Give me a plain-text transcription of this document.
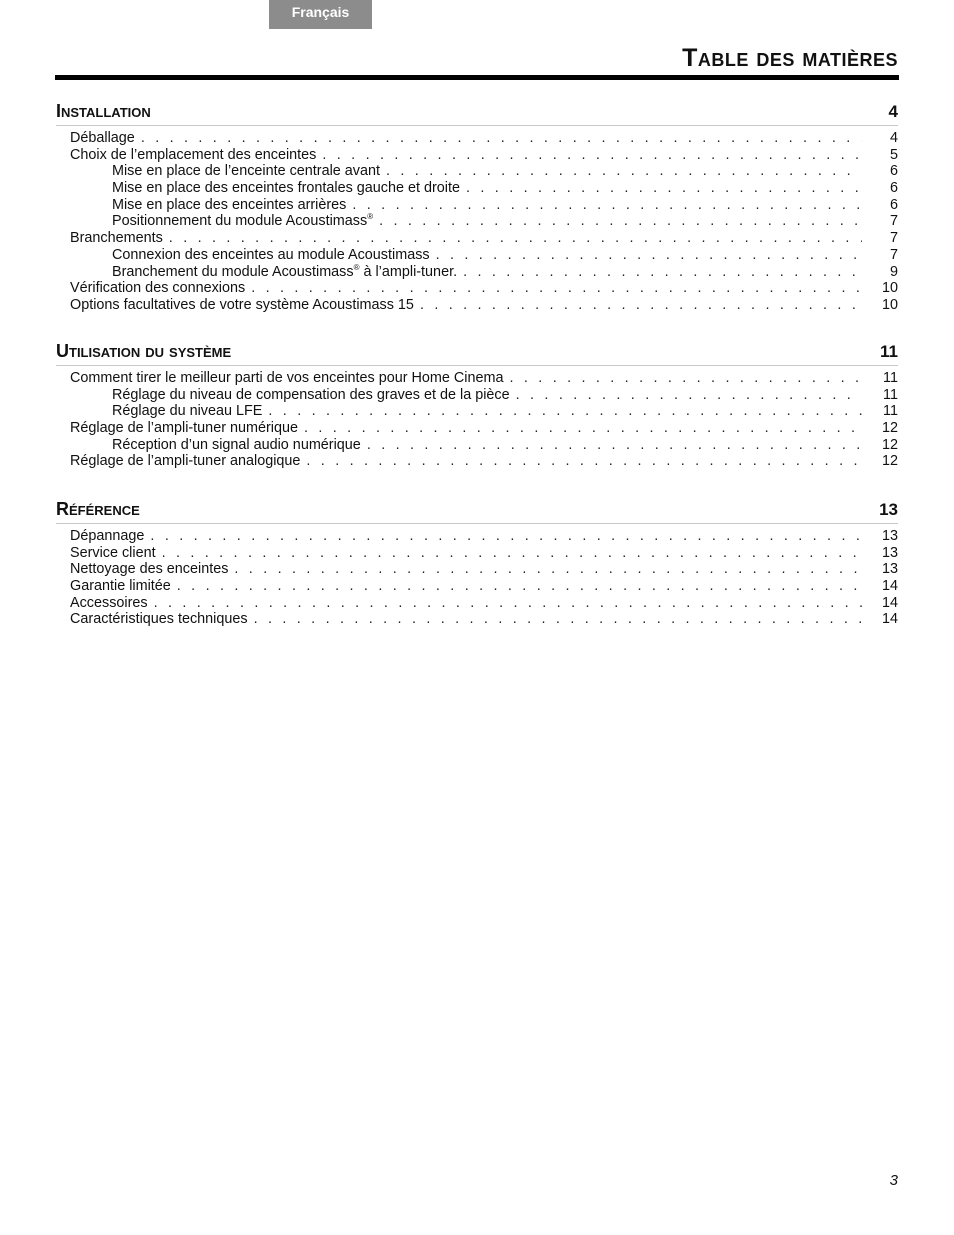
Français
Table des matières
Installation	4
Déballage . . .	4
Choix de l’emplacement des enceintes . . .	5
Mise en place de l’enceinte centrale avant . . .	6
Mise en place des enceintes frontales gauche et droite . . .	6
Mise en place des enceintes arrières . . .	6
Positionnement du module Acoustimass® . . .	7
Branchements . . .	7
Connexion des enceintes au module Acoustimass . . .	7
Branchement du module Acoustimass® à l’ampli-tuner. . . .	9
Vérification des connexions . . .	10
Options facultatives de votre système Acoustimass 15 . . .	10
Utilisation du système	11
Comment tirer le meilleur parti de vos enceintes pour Home Cinema . . .	11
Réglage du niveau de compensation des graves et de la pièce . . .	11
Réglage du niveau LFE . . .	11
Réglage de l’ampli-tuner numérique . . .	12
Réception d’un signal audio numérique . . .	12
Réglage de l’ampli-tuner analogique . . .	12
Référence	13
Dépannage . . .	13
Service client . . .	13
Nettoyage des enceintes . . .	13
Garantie limitée . . .	14
Accessoires . . .	14
Caractéristiques techniques . . .	14
3
